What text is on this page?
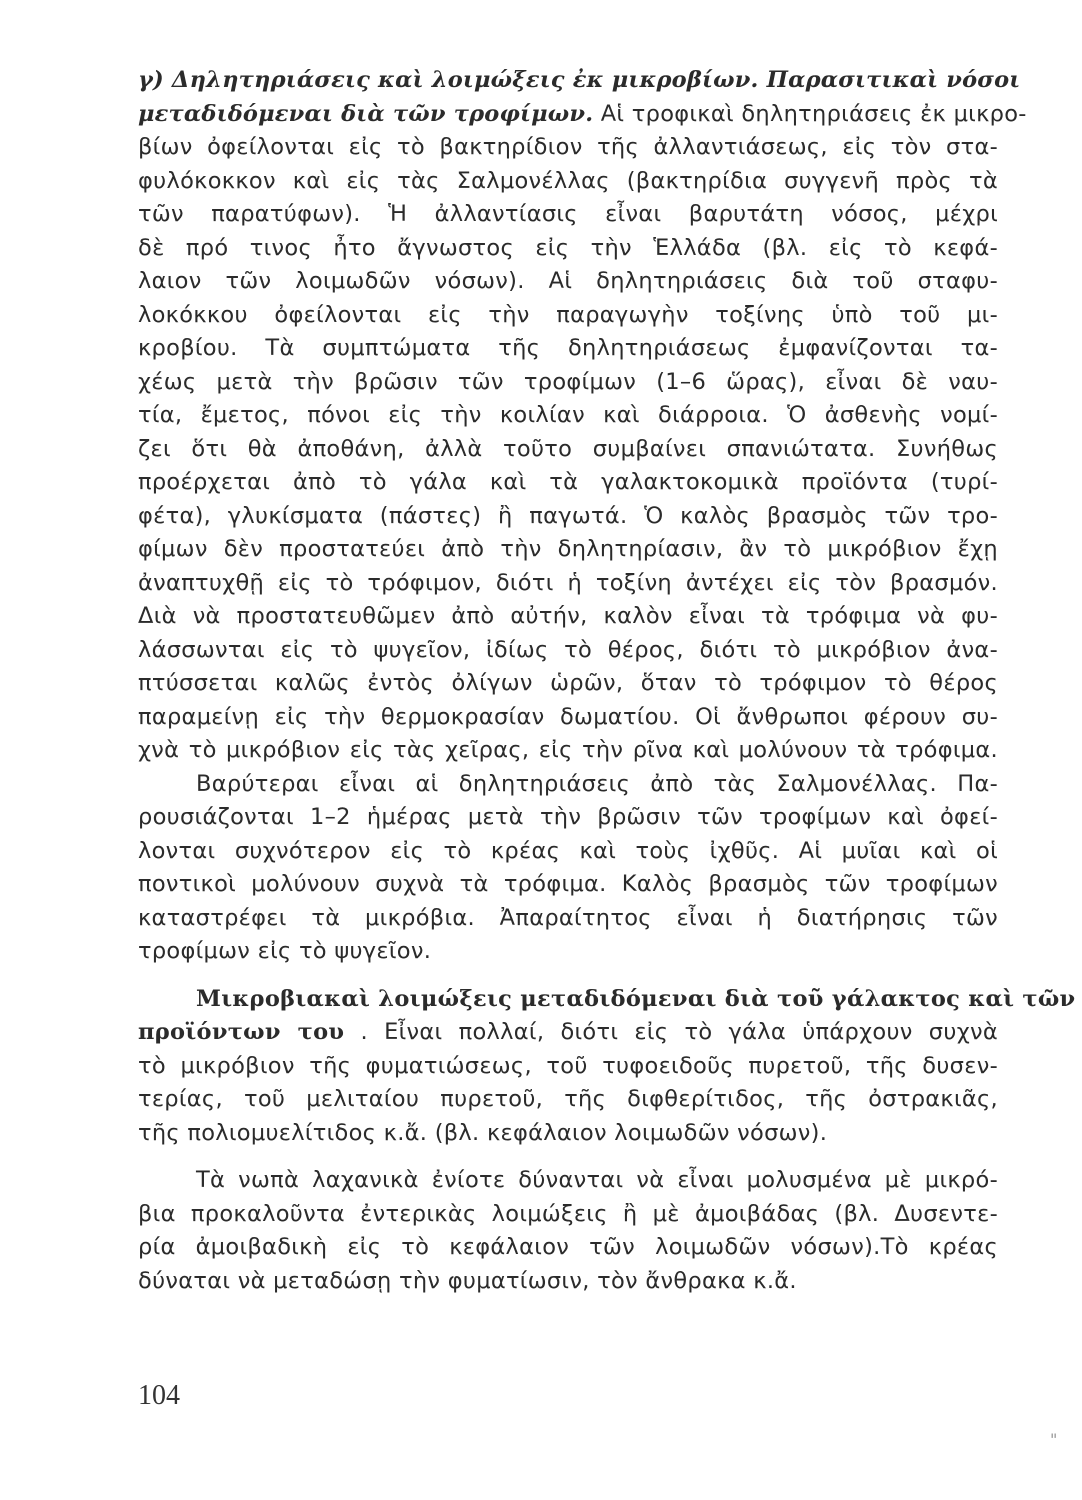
γ) Δηλητηριάσεις καὶ λοιμώξεις ἐκ μικροβίων. Παρασιτικαὶ νόσοι
μεταδιδόμεναι διὰ τῶν τροφίμων. Αἱ τροφικαὶ δηλητηριάσεις ἐκ μικρο-
βίων ὀφείλονται εἰς τὸ βακτηρίδιον τῆς ἀλλαντιάσεως, εἰς τὸν στα-
φυλόκοκκον καὶ εἰς τὰς Σαλμονέλλας (βακτηρίδια συγγενῆ πρὸς τὰ
τῶν παρατύφων). Ἡ ἀλλαντίασις εἶναι βαρυτάτη νόσος, μέχρι
δὲ πρό τινος ἦτο ἄγνωστος εἰς τὴν Ἑλλάδα (βλ. εἰς τὸ κεφά-
λαιον τῶν λοιμωδῶν νόσων). Αἱ δηλητηριάσεις διὰ τοῦ σταφυ-
λοκόκκου ὀφείλονται εἰς τὴν παραγωγὴν τοξίνης ὑπὸ τοῦ μι-
κροβίου. Τὰ συμπτώματα τῆς δηλητηριάσεως ἐμφανίζονται τα-
χέως μετὰ τὴν βρῶσιν τῶν τροφίμων (1–6 ὥρας), εἶναι δὲ ναυ-
τία, ἔμετος, πόνοι εἰς τὴν κοιλίαν καὶ διάρροια. Ὁ ἀσθενὴς νομί-
ζει ὅτι θὰ ἀποθάνη, ἀλλὰ τοῦτο συμβαίνει σπανιώτατα. Συνήθως
προέρχεται ἀπὸ τὸ γάλα καὶ τὰ γαλακτοκομικὰ προϊόντα (τυρί-
φέτα), γλυκίσματα (πάστες) ἢ παγωτά. Ὁ καλὸς βρασμὸς τῶν τρο-
φίμων δὲν προστατεύει ἀπὸ τὴν δηλητηρίασιν, ἂν τὸ μικρόβιον ἔχῃ
ἀναπτυχθῇ εἰς τὸ τρόφιμον, διότι ἡ τοξίνη ἀντέχει εἰς τὸν βρασμόν.
Διὰ νὰ προστατευθῶμεν ἀπὸ αὐτήν, καλὸν εἶναι τὰ τρόφιμα νὰ φυ-
λάσσωνται εἰς τὸ ψυγεῖον, ἰδίως τὸ θέρος, διότι τὸ μικρόβιον ἀνα-
πτύσσεται καλῶς ἐντὸς ὀλίγων ὡρῶν, ὅταν τὸ τρόφιμον τὸ θέρος
παραμείνῃ εἰς τὴν θερμοκρασίαν δωματίου. Οἱ ἄνθρωποι φέρουν συ-
χνὰ τὸ μικρόβιον εἰς τὰς χεῖρας, εἰς τὴν ρῖνα καὶ μολύνουν τὰ τρόφιμα.
Βαρύτεραι εἶναι αἱ δηλητηριάσεις ἀπὸ τὰς Σαλμονέλλας. Πα-
ρουσιάζονται 1–2 ἡμέρας μετὰ τὴν βρῶσιν τῶν τροφίμων καὶ ὀφεί-
λονται συχνότερον εἰς τὸ κρέας καὶ τοὺς ἰχθῦς. Αἱ μυῖαι καὶ οἱ
ποντικοὶ μολύνουν συχνὰ τὰ τρόφιμα. Καλὸς βρασμὸς τῶν τροφίμων
καταστρέφει τὰ μικρόβια. Ἀπαραίτητος εἶναι ἡ διατήρησις τῶν
τροφίμων εἰς τὸ ψυγεῖον.
Μικροβιακαὶ λοιμώξεις μεταδιδόμεναι διὰ τοῦ γάλακτος καὶ τῶν
προϊόντων του . Εἶναι πολλαί, διότι εἰς τὸ γάλα ὑπάρχουν συχνὰ
τὸ μικρόβιον τῆς φυματιώσεως, τοῦ τυφοειδοῦς πυρετοῦ, τῆς δυσεν-
τερίας, τοῦ μελιταίου πυρετοῦ, τῆς διφθερίτιδος, τῆς ὀστρακιᾶς,
τῆς πολιομυελίτιδος κ.ἄ. (βλ. κεφάλαιον λοιμωδῶν νόσων).
Τὰ νωπὰ λαχανικὰ ἐνίοτε δύνανται νὰ εἶναι μολυσμένα μὲ μικρό-
βια προκαλοῦντα ἐντερικὰς λοιμώξεις ἢ μὲ ἀμοιβάδας (βλ. Δυσεντε-
ρία ἀμοιβαδικὴ εἰς τὸ κεφάλαιον τῶν λοιμωδῶν νόσων).Τὸ κρέας
δύναται νὰ μεταδώσῃ τὴν φυματίωσιν, τὸν ἄνθρακα κ.ἄ.
104
"
